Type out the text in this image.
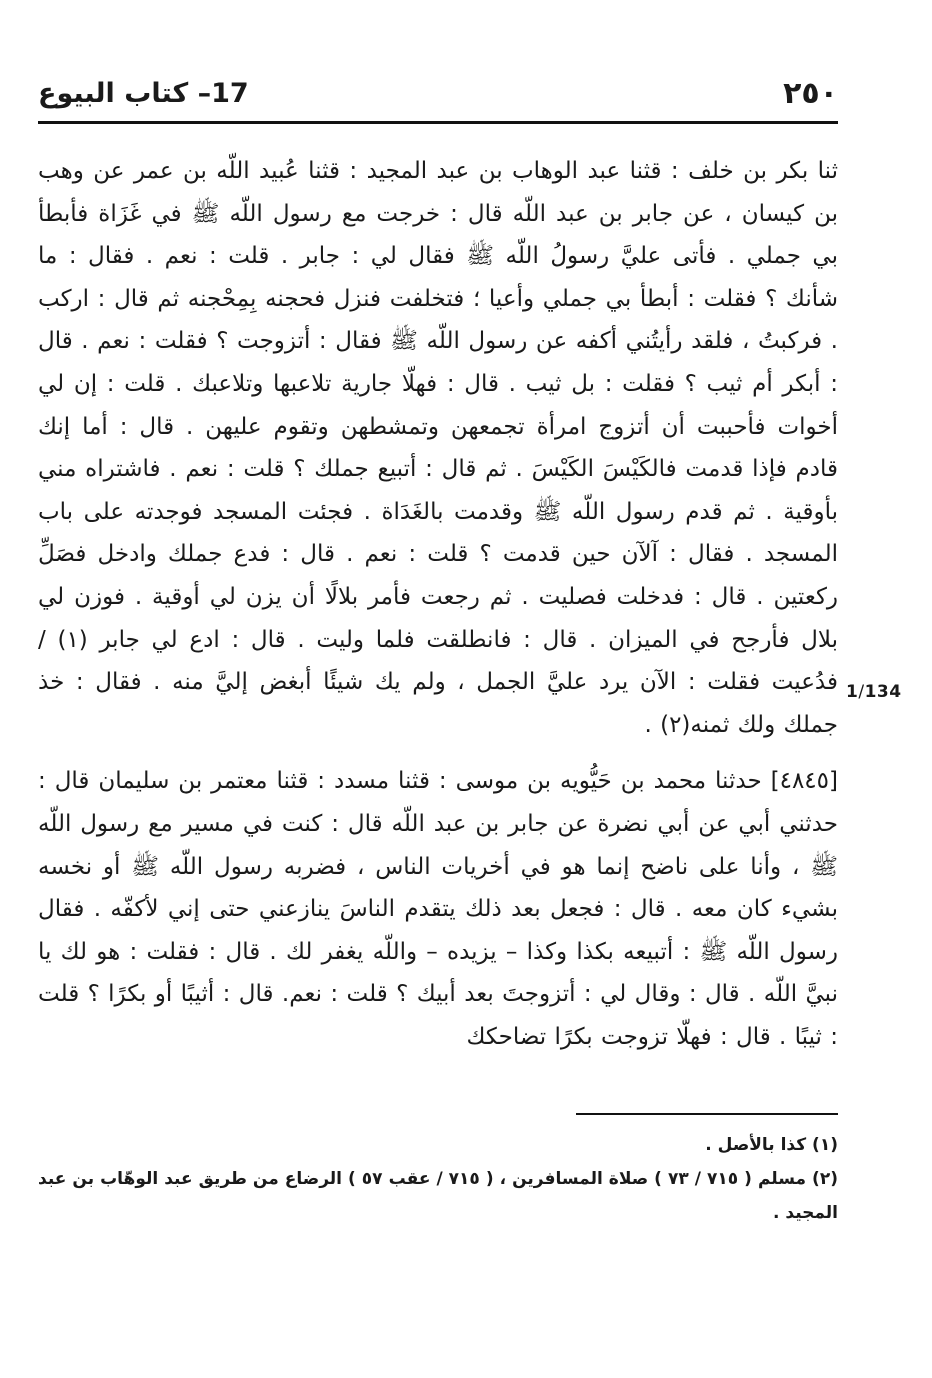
٢٥٠
17– كتاب البيوع
1/134

ثنا بكر بن خلف : قثنا عبد الوهاب بن عبد المجيد : قثنا عُبيد اللّه بن عمر عن وهب بن كيسان ، عن جابر بن عبد اللّه قال : خرجت مع رسول اللّه ﷺ في غَزَاة فأبطأ بي جملي . فأتى عليَّ رسولُ اللّه ﷺ فقال لي : جابر . قلت : نعم . فقال : ما شأنك ؟ فقلت : أبطأ بي جملي وأعيا ؛ فتخلفت فنزل فحجنه بِمِحْجنه ثم قال : اركب . فركبتُ ، فلقد رأيتُني أكفه عن رسول اللّه ﷺ فقال : أتزوجت ؟ فقلت : نعم . قال : أبكر أم ثيب ؟ فقلت : بل ثيب . قال : فهلّا جارية تلاعبها وتلاعبك . قلت : إن لي أخوات فأحببت أن أتزوج امرأة تجمعهن وتمشطهن وتقوم عليهن . قال : أما إنك قادم فإذا قدمت فالكَيْسَ الكَيْسَ . ثم قال : أتبيع جملك ؟ قلت : نعم . فاشتراه مني بأوقية . ثم قدم رسول اللّه ﷺ وقدمت بالغَدَاة . فجئت المسجد فوجدته على باب المسجد . فقال : آلآن حين قدمت ؟ قلت : نعم . قال : فدع جملك وادخل فصَلِّ ركعتين . قال : فدخلت فصليت . ثم رجعت فأمر بلالًا أن يزن لي أوقية . فوزن لي بلال فأرجح في الميزان . قال : فانطلقت فلما وليت . قال : ادع لي جابر (١) / فدُعيت فقلت : الآن يرد عليَّ الجمل ، ولم يك شيئًا أبغض إليَّ منه . فقال : خذ جملك ولك ثمنه(٢) .

[٤٨٤٥] حدثنا محمد بن حَيُّويه بن موسى : قثنا مسدد : قثنا معتمر بن سليمان قال : حدثني أبي عن أبي نضرة عن جابر بن عبد اللّه قال : كنت في مسير مع رسول اللّه ﷺ ، وأنا على ناضح إنما هو في أخريات الناس ، فضربه رسول اللّه ﷺ أو نخسه بشيء كان معه . قال : فجعل بعد ذلك يتقدم الناسَ ينازعني حتى إني لأكفّه . فقال رسول اللّه ﷺ : أتبيعه بكذا وكذا – يزيده – واللّه يغفر لك . قال : فقلت : هو لك يا نبيَّ اللّه . قال : وقال لي : أتزوجتَ بعد أبيك ؟ قلت : نعم. قال : أثيبًا أو بكرًا ؟ قلت : ثيبًا . قال : فهلّا تزوجت بكرًا تضاحكك

(١) كذا بالأصل .

(٢) مسلم ( ٧١٥ / ٧٣ ) صلاة المسافرين ، ( ٧١٥ / عقب ٥٧ ) الرضاع من طريق عبد الوهّاب بن عبد المجيد .
